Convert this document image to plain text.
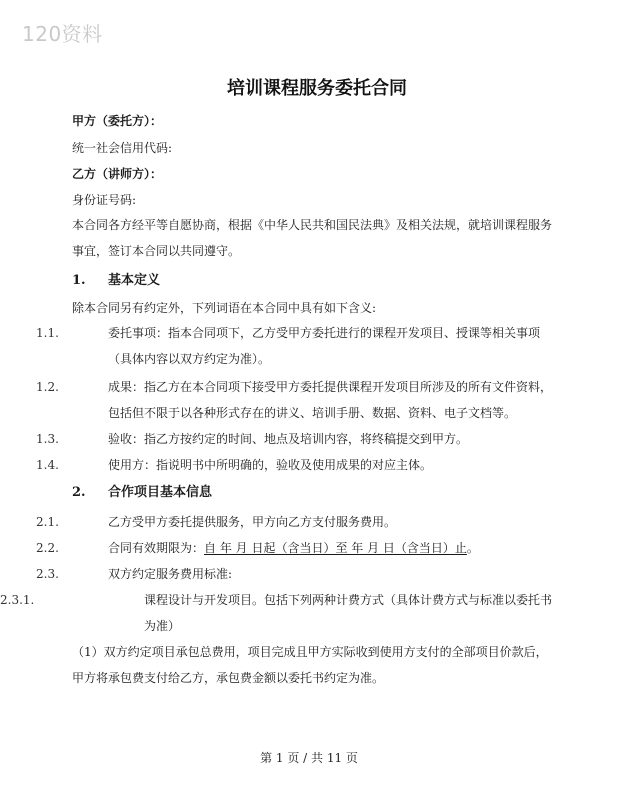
120资料
培训课程服务委托合同
甲方（委托方）：
统一社会信用代码:
乙方（讲师方）：
身份证号码:
本合同各方经平等自愿协商，根据《中华人民共和国民法典》及相关法规，就培训课程服务事宜，签订本合同以共同遵守。
1. 基本定义
除本合同另有约定外，下列词语在本合同中具有如下含义:
1.1.	委托事项：指本合同项下，乙方受甲方委托进行的课程开发项目、授课等相关事项（具体内容以双方约定为准）。
1.2.	成果：指乙方在本合同项下接受甲方委托提供课程开发项目所涉及的所有文件资料，包括但不限于以各种形式存在的讲义、培训手册、数据、资料、电子文档等。
1.3.	验收：指乙方按约定的时间、地点及培训内容，将终稿提交到甲方。
1.4.	使用方：指说明书中所明确的，验收及使用成果的对应主体。
2. 合作项目基本信息
2.1.	乙方受甲方委托提供服务，甲方向乙方支付服务费用。
2.2.	合同有效期限为：自 年 月 日起（含当日）至 年 月 日（含当日）止。
2.3.	双方约定服务费用标准:
2.3.1.	课程设计与开发项目。包括下列两种计费方式（具体计费方式与标准以委托书为准）
（1）双方约定项目承包总费用，项目完成且甲方实际收到使用方支付的全部项目价款后，甲方将承包费支付给乙方，承包费金额以委托书约定为准。
第 1 页 / 共 11 页
